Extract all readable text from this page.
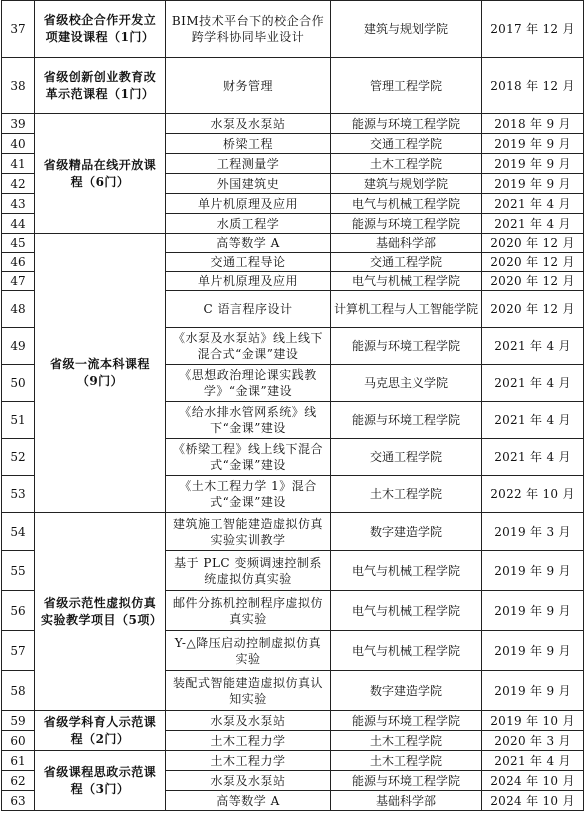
37	省级校企合作开发立项建设课程（1门）	BIM技术平台下的校企合作跨学科协同毕业设计	建筑与规划学院	2017 年 12 月
38	省级创新创业教育改革示范课程（1门）	财务管理	管理工程学院	2018 年 12 月
39	省级精品在线开放课程（6门）	水泵及水泵站	能源与环境工程学院	2018 年 9 月
40		桥梁工程	交通工程学院	2019 年 9 月
41		工程测量学	土木工程学院	2019 年 9 月
42		外国建筑史	建筑与规划学院	2019 年 9 月
43		单片机原理及应用	电气与机械工程学院	2021 年 4 月
44		水质工程学	能源与环境工程学院	2021 年 4 月
45	省级一流本科课程（9门）	高等数学 A	基础科学部	2020 年 12 月
46		交通工程导论	交通工程学院	2020 年 12 月
47		单片机原理及应用	电气与机械工程学院	2020 年 12 月
48		C 语言程序设计	计算机工程与人工智能学院	2020 年 12 月
49		《水泵及水泵站》线上线下混合式“金课”建设	能源与环境工程学院	2021 年 4 月
50		《思想政治理论课实践教学》“金课”建设	马克思主义学院	2021 年 4 月
51		《给水排水管网系统》线下“金课”建设	能源与环境工程学院	2021 年 4 月
52		《桥梁工程》线上线下混合式“金课”建设	交通工程学院	2021 年 4 月
53		《土木工程力学 1》混合式“金课”建设	土木工程学院	2022 年 10 月
54	省级示范性虚拟仿真实验教学项目（5项）	建筑施工智能建造虚拟仿真实验实训教学	数字建造学院	2019 年 3 月
55		基于 PLC 变频调速控制系统虚拟仿真实验	电气与机械工程学院	2019 年 9 月
56		邮件分拣机控制程序虚拟仿真实验	电气与机械工程学院	2019 年 9 月
57		Y-△降压启动控制虚拟仿真实验	电气与机械工程学院	2019 年 9 月
58		装配式智能建造虚拟仿真认知实验	数字建造学院	2019 年 9 月
59	省级学科育人示范课程（2门）	水泵及水泵站	能源与环境工程学院	2019 年 10 月
60		土木工程力学	土木工程学院	2020 年 3 月
61	省级课程思政示范课程（3门）	土木工程力学	土木工程学院	2021 年 4 月
62		水泵及水泵站	能源与环境工程学院	2024 年 10 月
63		高等数学 A	基础科学部	2024 年 10 月
